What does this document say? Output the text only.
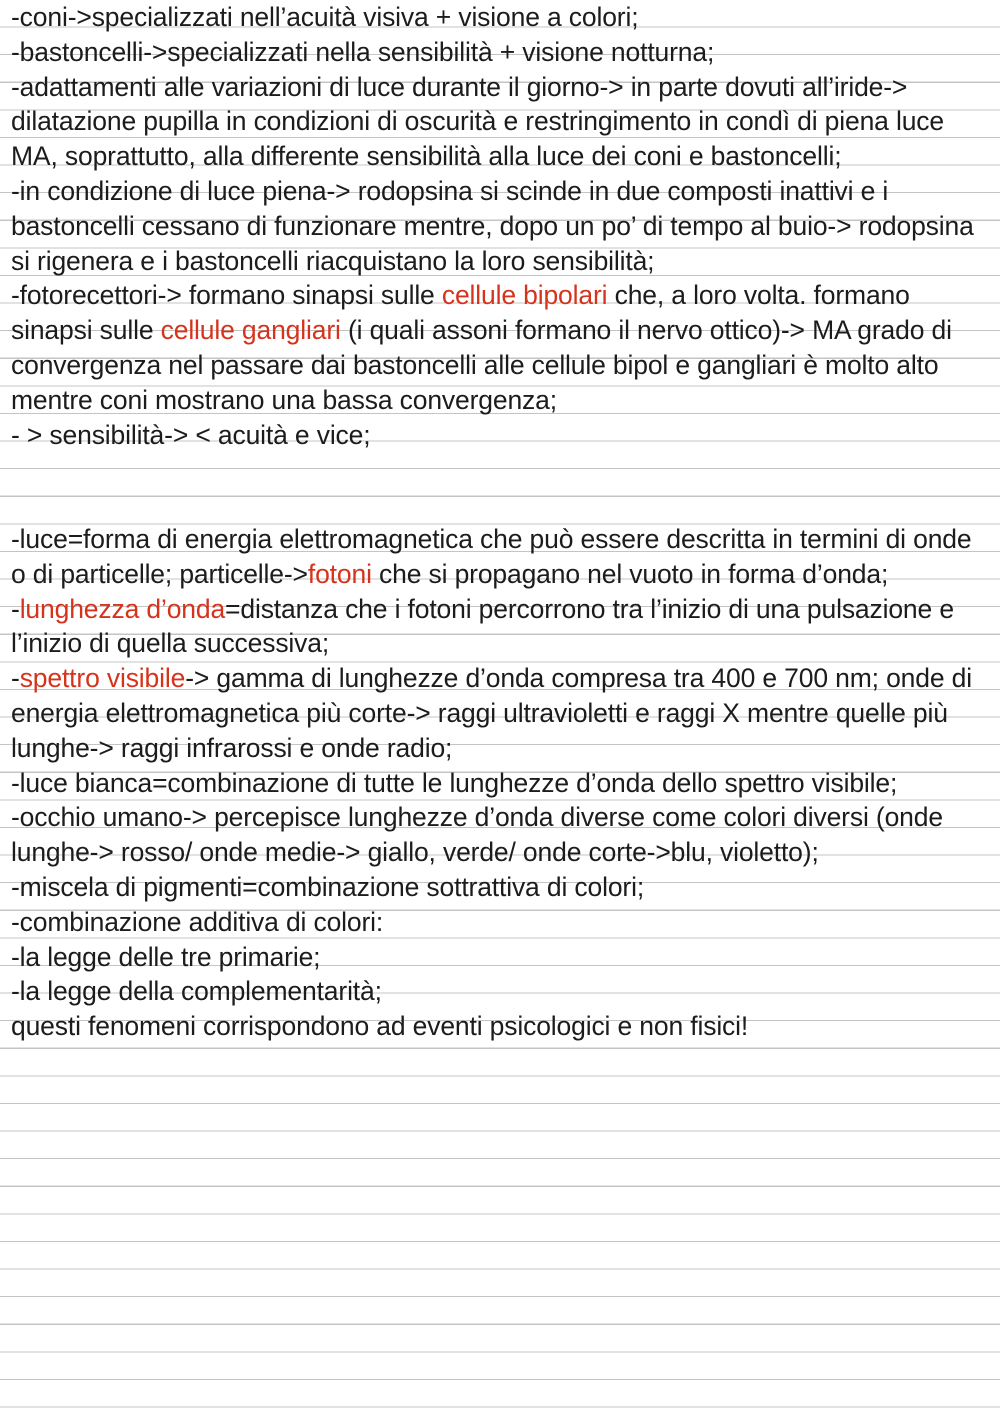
-coni->specializzati nell’acuità visiva + visione a colori;
-bastoncelli->specializzati nella sensibilità + visione notturna;
-adattamenti alle variazioni di luce durante il giorno-> in parte dovuti all’iride-> dilatazione pupilla in condizioni di oscurità e restringimento in condì di piena luce MA, soprattutto, alla differente sensibilità alla luce dei coni e bastoncelli;
-in condizione di luce piena-> rodopsina si scinde in due composti inattivi e i bastoncelli cessano di funzionare mentre, dopo un po’ di tempo al buio-> rodopsina si rigenera e i bastoncelli riacquistano la loro sensibilità;
-fotorecettori-> formano sinapsi sulle cellule bipolari che, a loro volta. formano sinapsi sulle cellule gangliari (i quali assoni formano il nervo ottico)-> MA grado di convergenza nel passare dai bastoncelli alle cellule bipol e gangliari è molto alto mentre coni mostrano una bassa convergenza;
- > sensibilità-> < acuità e vice;
-luce=forma di energia elettromagnetica che può essere descritta in termini di onde o di particelle; particelle->fotoni che si propagano nel vuoto in forma d’onda;
-lunghezza d’onda=distanza che i fotoni percorrono tra l’inizio di una pulsazione e l’inizio di quella successiva;
-spettro visibile-> gamma di lunghezze d’onda compresa tra 400 e 700 nm; onde di energia elettromagnetica più corte-> raggi ultravioletti e raggi X mentre quelle più lunghe-> raggi infrarossi e onde radio;
-luce bianca=combinazione di tutte le lunghezze d’onda dello spettro visibile;
-occhio umano-> percepisce lunghezze d’onda diverse come colori diversi (onde lunghe-> rosso/ onde medie-> giallo, verde/ onde corte->blu, violetto);
-miscela di pigmenti=combinazione sottrattiva di colori;
-combinazione additiva di colori:
-la legge delle tre primarie;
-la legge della complementarità;
questi fenomeni corrispondono ad eventi psicologici e non fisici!
